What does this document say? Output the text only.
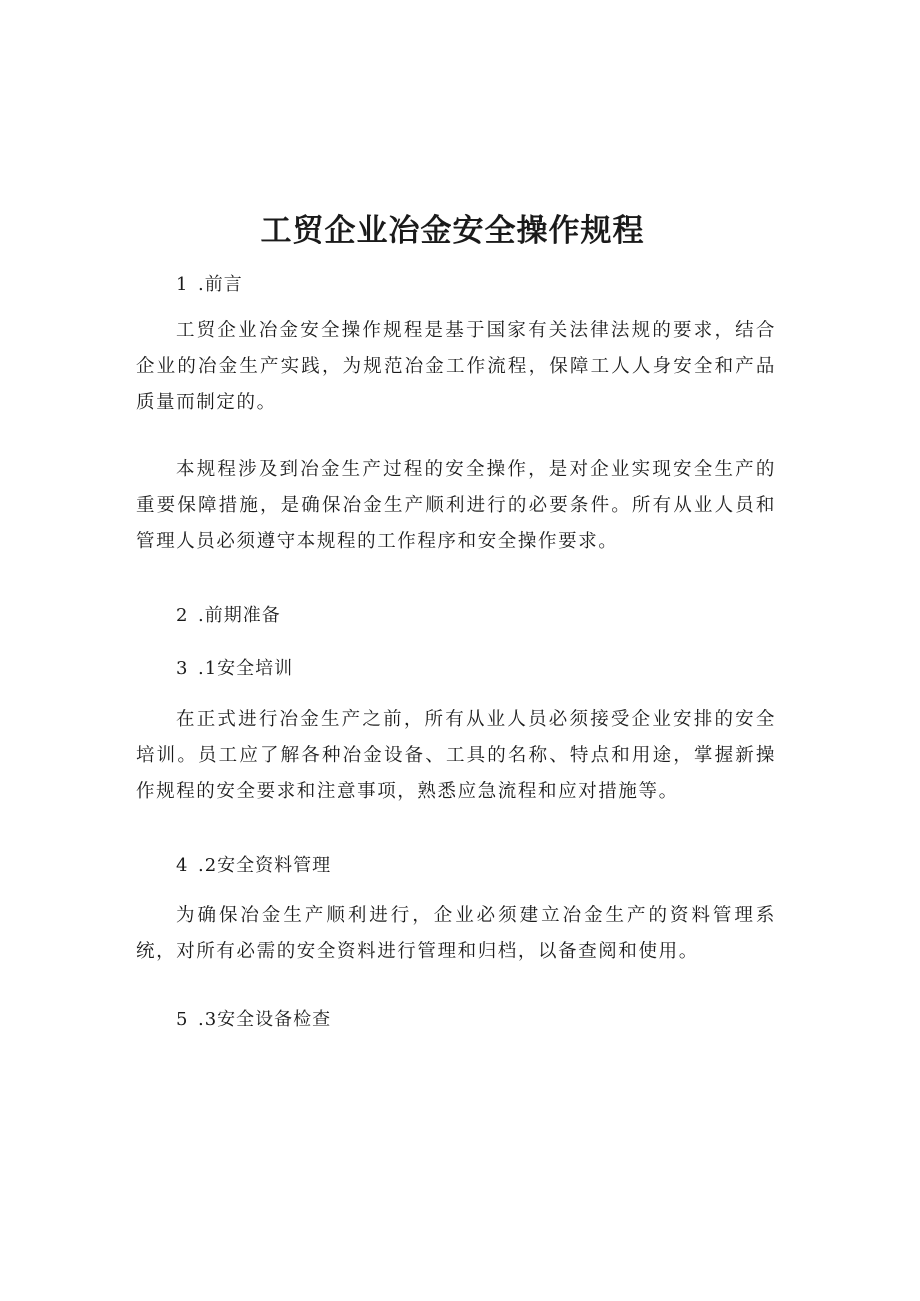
工贸企业冶金安全操作规程

1 .前言

工贸企业冶金安全操作规程是基于国家有关法律法规的要求，结合企业的冶金生产实践，为规范冶金工作流程，保障工人人身安全和产品质量而制定的。

本规程涉及到冶金生产过程的安全操作，是对企业实现安全生产的重要保障措施，是确保冶金生产顺利进行的必要条件。所有从业人员和管理人员必须遵守本规程的工作程序和安全操作要求。

2 .前期准备

3 .1安全培训

在正式进行冶金生产之前，所有从业人员必须接受企业安排的安全培训。员工应了解各种冶金设备、工具的名称、特点和用途，掌握新操作规程的安全要求和注意事项，熟悉应急流程和应对措施等。

4 .2安全资料管理

为确保冶金生产顺利进行，企业必须建立冶金生产的资料管理系统，对所有必需的安全资料进行管理和归档，以备查阅和使用。

5 .3安全设备检查
